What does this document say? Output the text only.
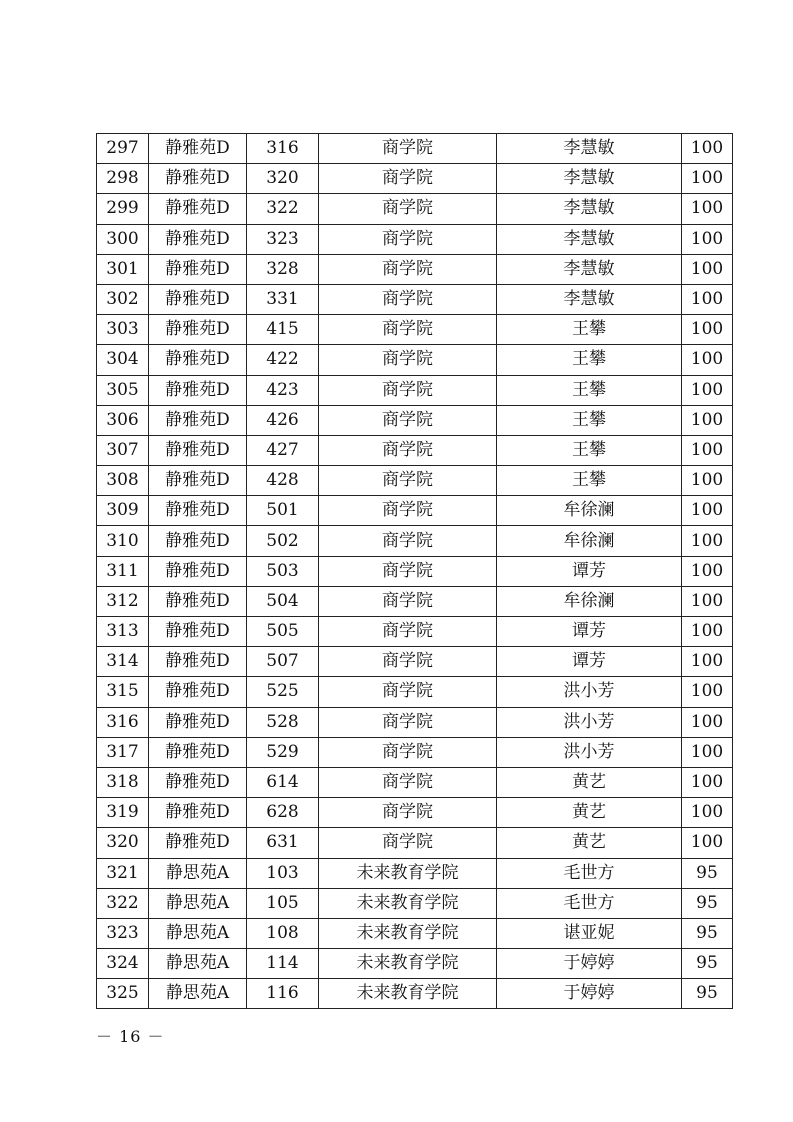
297	静雅苑D	316	商学院	李慧敏	100
298	静雅苑D	320	商学院	李慧敏	100
299	静雅苑D	322	商学院	李慧敏	100
300	静雅苑D	323	商学院	李慧敏	100
301	静雅苑D	328	商学院	李慧敏	100
302	静雅苑D	331	商学院	李慧敏	100
303	静雅苑D	415	商学院	王攀	100
304	静雅苑D	422	商学院	王攀	100
305	静雅苑D	423	商学院	王攀	100
306	静雅苑D	426	商学院	王攀	100
307	静雅苑D	427	商学院	王攀	100
308	静雅苑D	428	商学院	王攀	100
309	静雅苑D	501	商学院	牟徐澜	100
310	静雅苑D	502	商学院	牟徐澜	100
311	静雅苑D	503	商学院	谭芳	100
312	静雅苑D	504	商学院	牟徐澜	100
313	静雅苑D	505	商学院	谭芳	100
314	静雅苑D	507	商学院	谭芳	100
315	静雅苑D	525	商学院	洪小芳	100
316	静雅苑D	528	商学院	洪小芳	100
317	静雅苑D	529	商学院	洪小芳	100
318	静雅苑D	614	商学院	黄艺	100
319	静雅苑D	628	商学院	黄艺	100
320	静雅苑D	631	商学院	黄艺	100
321	静思苑A	103	未来教育学院	毛世方	95
322	静思苑A	105	未来教育学院	毛世方	95
323	静思苑A	108	未来教育学院	谌亚妮	95
324	静思苑A	114	未来教育学院	于婷婷	95
325	静思苑A	116	未来教育学院	于婷婷	95
－ 16 －
